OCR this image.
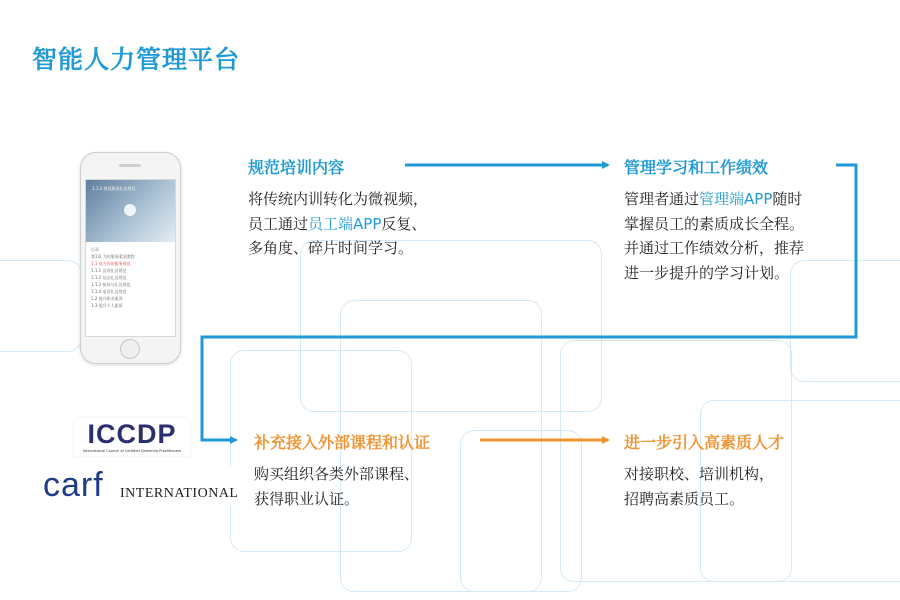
智能人力管理平台
规范培训内容
将传统内训转化为微视频，
员工通过员工端APP反复、
多角度、碎片时间学习。
管理学习和工作绩效
管理者通过管理端APP随时
掌握员工的素质成长全程。
并通过工作绩效分析，推荐
进一步提升的学习计划。
补充接入外部课程和认证
购买组织各类外部课程、
获得职业认证。
进一步引入高素质人才
对接职校、培训机构，
招聘高素质员工。
1.1.2 规范服务礼仪规范
目录
第1章 为你服务素质教程
1.1 成为你的服务规范
1.1.1 仪表礼仪规范
1.1.2 仪态礼仪规范
1.1.3 接待与礼仪规范
1.1.4 电话礼仪规范
1.2 提升职业素养
1.3 提升个人素质
ICCDP
International Council of Certified Dementia Practitioners
carf INTERNATIONAL
